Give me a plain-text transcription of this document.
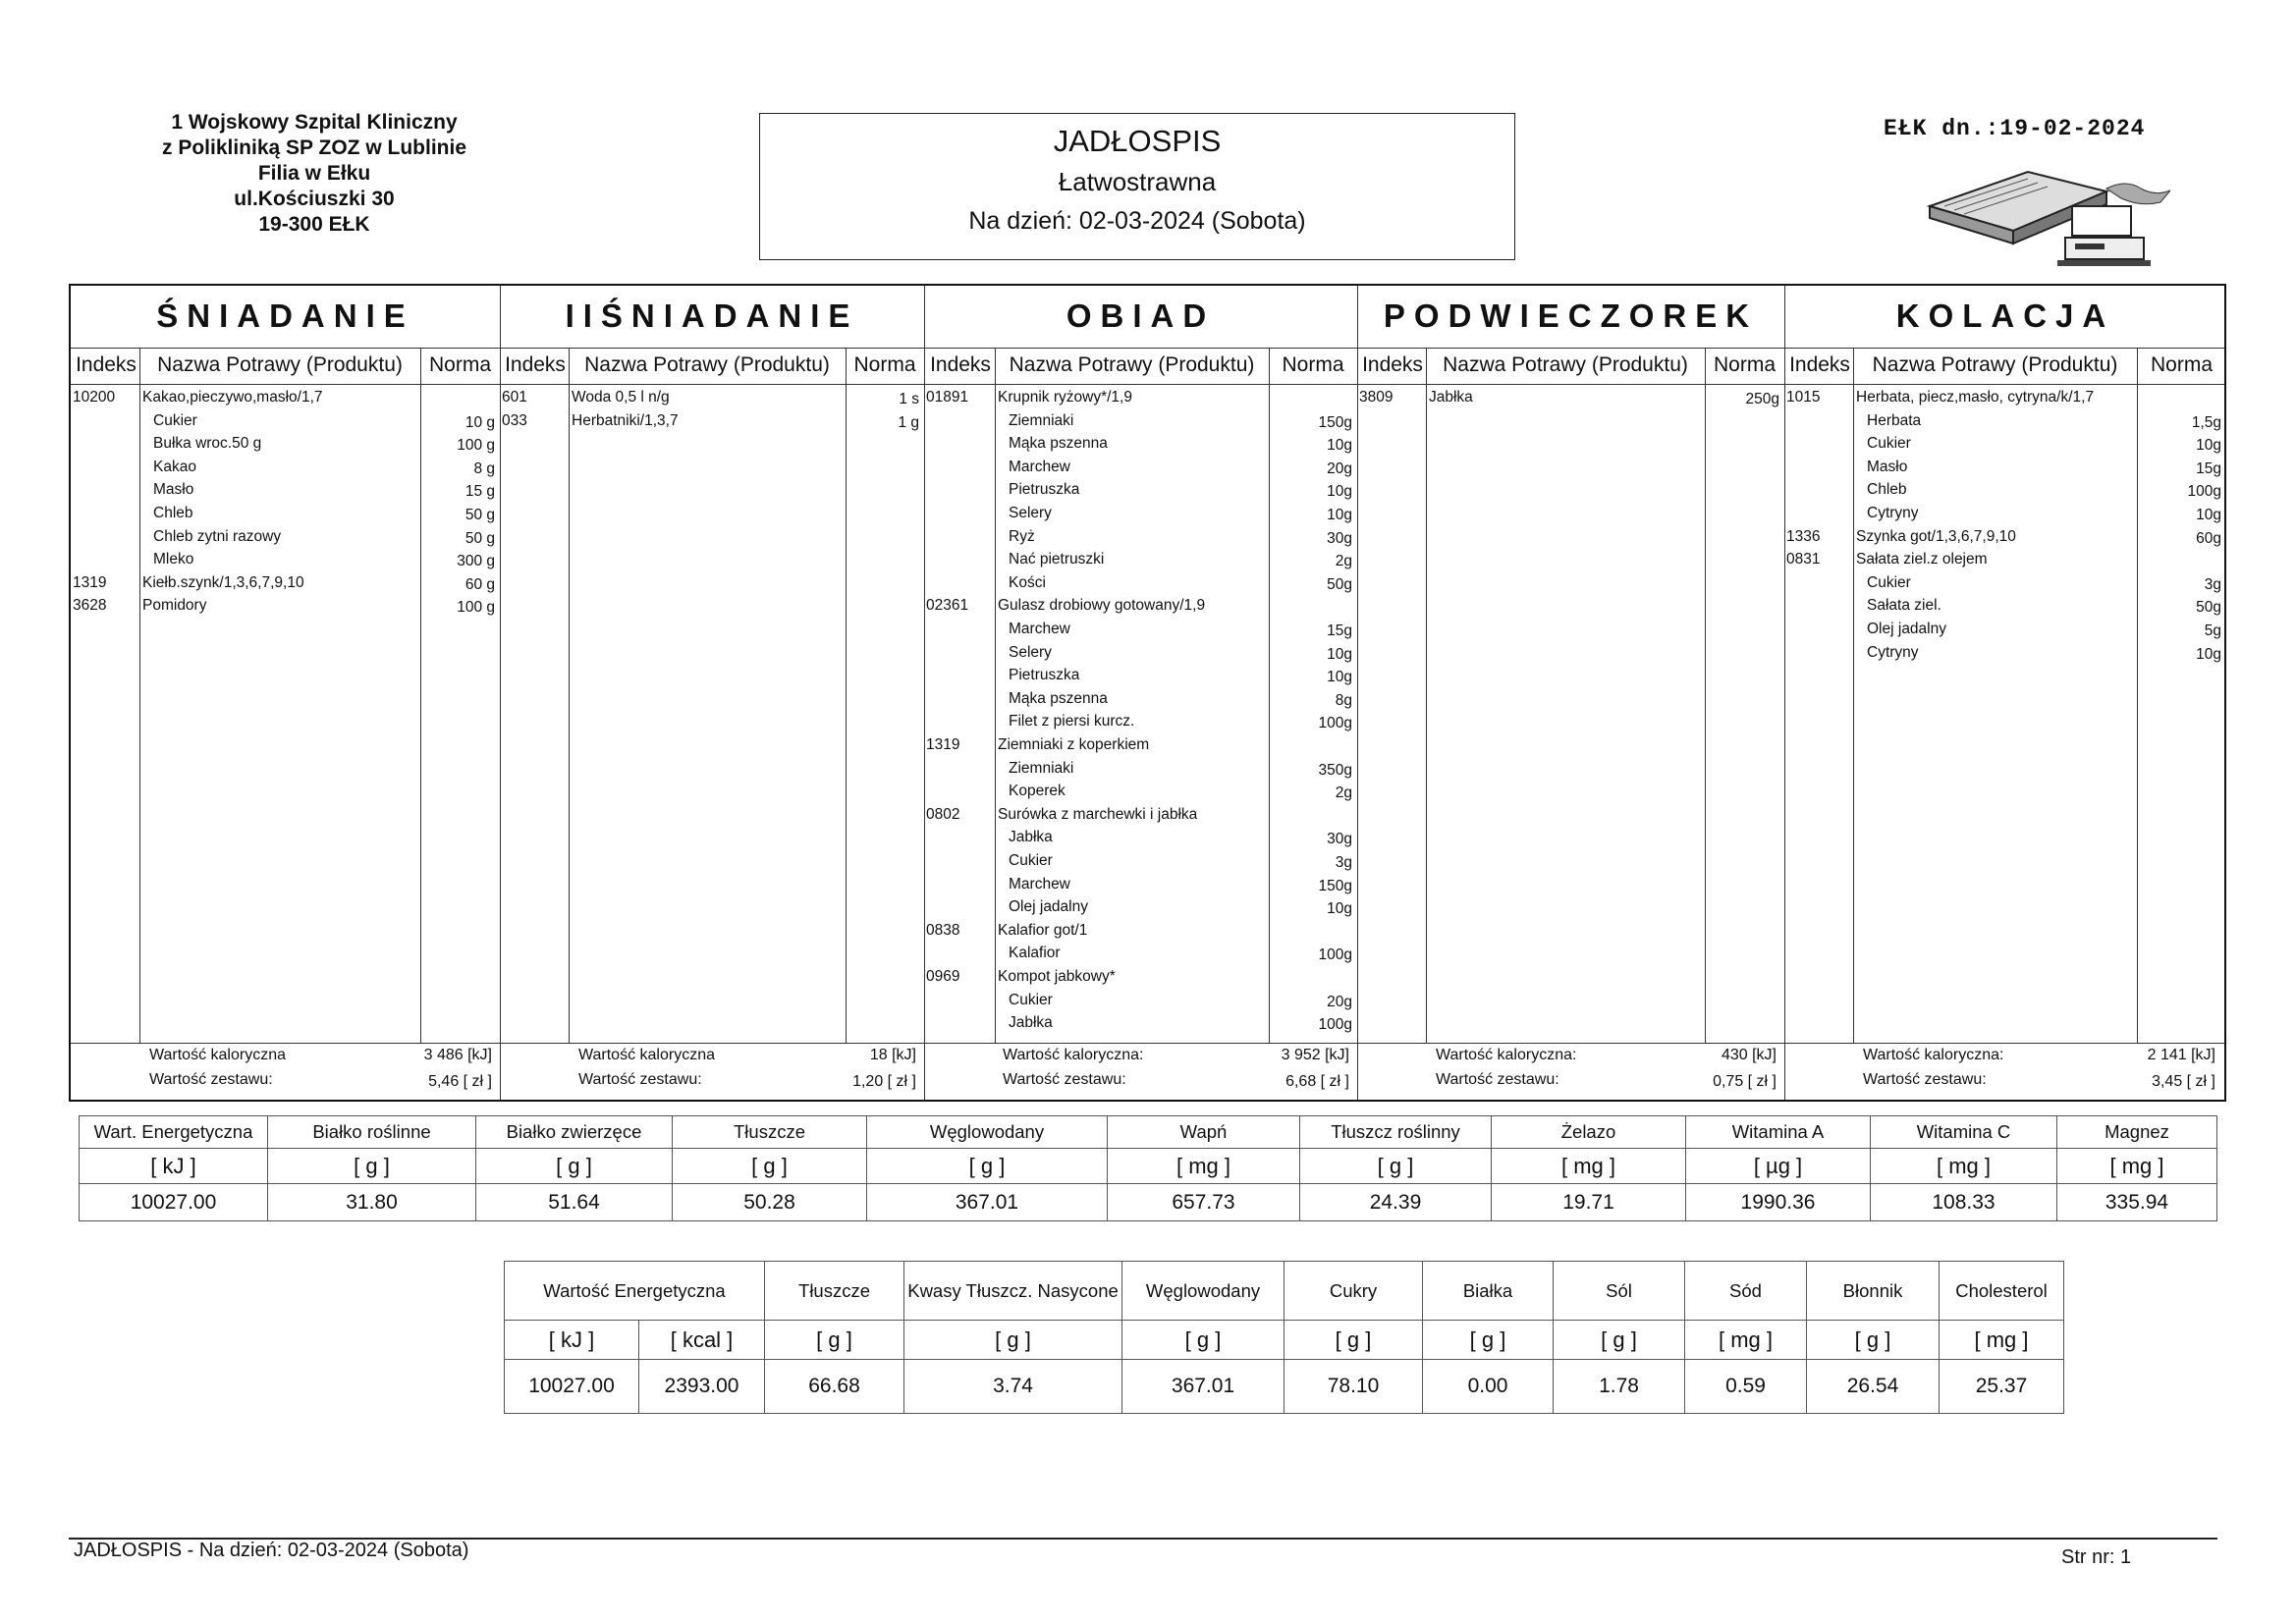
1 Wojskowy Szpital Kliniczny
z Polikliniką SP ZOZ w Lublinie
Filia w Ełku
ul.Kościuszki 30
19-300 EŁK
JADŁOSPIS
Łatwostrawna
Na dzień: 02-03-2024 (Sobota)
EŁK dn.:19-02-2024
ŚNIADANIE	IIŚNIADANIE	OBIAD	PODWIECZOREK	KOLACJA
Indeks	Nazwa Potrawy (Produktu)	Norma
10200 Kakao,pieczywo,masło/1,7
Cukier	10 g
Bułka wroc.50 g	100 g
Kakao	8 g
Masło	15 g
Chleb	50 g
Chleb zytni razowy	50 g
Mleko	300 g
1319 Kiełb.szynk/1,3,6,7,9,10	60 g
3628 Pomidory	100 g
Wartość kaloryczna	3 486 [kJ]
Wartość zestawu:	5,46 [ zł ]
Indeks Nazwa Potrawy (Produktu)	Norma
601	Woda 0,5 l n/g	1 s
033	Herbatniki/1,3,7	1 g
Wartość kaloryczna	18 [kJ]
Wartość zestawu:	1,20 [ zł ]
Indeks Nazwa Potrawy (Produktu)	Norma
01891 Krupnik ryżowy*/1,9
Ziemniaki	150g
Mąka pszenna	10g
Marchew	20g
Pietruszka	10g
Selery	10g
Ryż	30g
Nać pietruszki	2g
Kości	50g
02361 Gulasz drobiowy gotowany/1,9
Marchew	15g
Selery	10g
Pietruszka	10g
Mąka pszenna	8g
Filet z piersi kurcz.	100g
1319 Ziemniaki z koperkiem
Ziemniaki	350g
Koperek	2g
0802 Surówka z marchewki i jabłka
Jabłka	30g
Cukier	3g
Marchew	150g
Olej jadalny	10g
0838 Kalafior got/1
Kalafior	100g
0969 Kompot jabkowy*
Cukier	20g
Jabłka	100g
Wartość kaloryczna:	3 952 [kJ]
Wartość zestawu:	6,68 [ zł ]
Indeks Nazwa Potrawy (Produktu)	Norma
3809 Jabłka	250g
Wartość kaloryczna:	430 [kJ]
Wartość zestawu:	0,75 [ zł ]
Indeks	Nazwa Potrawy (Produktu)	Norma
1015 Herbata, piecz,masło, cytryna/k/1,7
Herbata	1,5g
Cukier	10g
Masło	15g
Chleb	100g
Cytryny	10g
1336 Szynka got/1,3,6,7,9,10	60g
0831 Sałata ziel.z olejem
Cukier	3g
Sałata ziel.	50g
Olej jadalny	5g
Cytryny	10g
Wartość kaloryczna:	2 141 [kJ]
Wartość zestawu:	3,45 [ zł ]
Wart. Energetyczna	Białko roślinne	Białko zwierzęce	Tłuszcze	Węglowodany	Wapń	Tłuszcz roślinny	Żelazo	Witamina A	Witamina C	Magnez
[ kJ ]	[ g ]	[ g ]	[ g ]	[ g ]	[ mg ]	[ g ]	[ mg ]	[ µg ]	[ mg ]	[ mg ]
10027.00	31.80	51.64	50.28	367.01	657.73	24.39	19.71	1990.36	108.33	335.94
Wartość Energetyczna		Tłuszcze	Kwasy Tłuszcz. Nasycone	Węglowodany	Cukry	Białka	Sól	Sód	Błonnik	Cholesterol
[ kJ ]	[ kcal ]	[ g ]	[ g ]	[ g ]	[ g ]	[ g ]	[ g ]	[ mg ]	[ g ]	[ mg ]
10027.00	2393.00	66.68	3.74	367.01	78.10	0.00	1.78	0.59	26.54	25.37
JADŁOSPIS - Na dzień: 02-03-2024 (Sobota)	Str nr: 1
